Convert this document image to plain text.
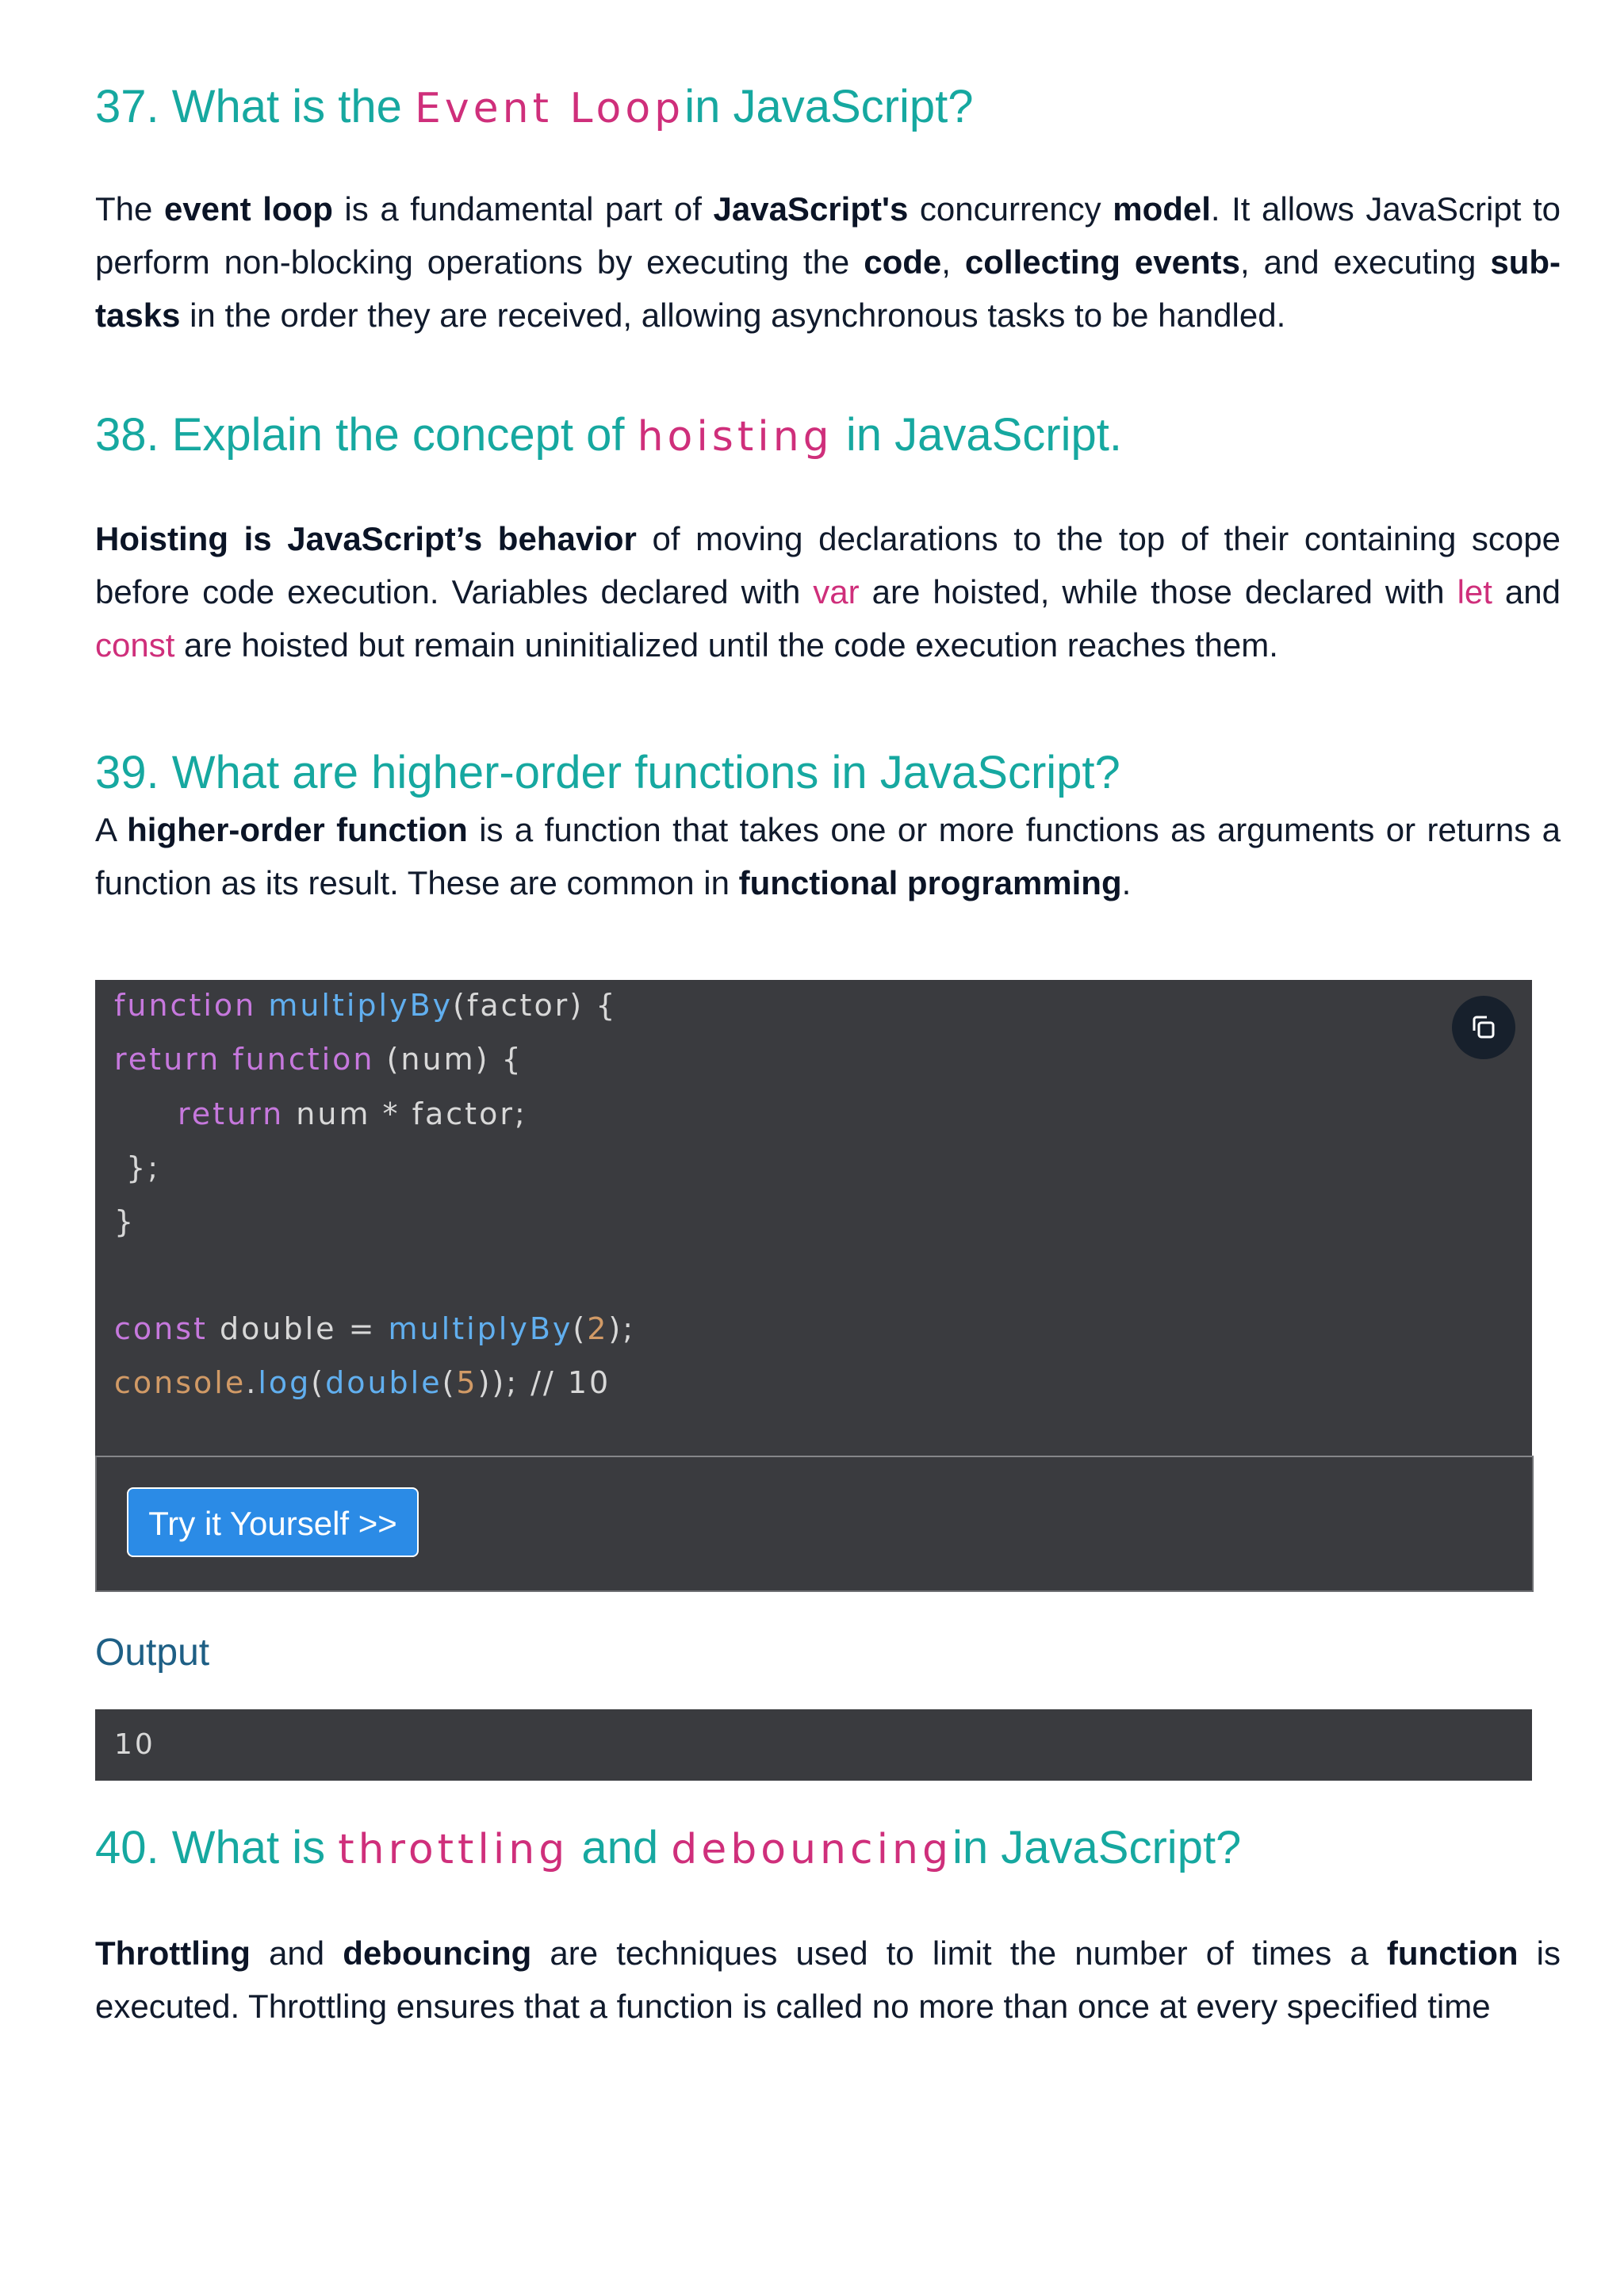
37. What is the Event Loopin JavaScript?

The event loop is a fundamental part of JavaScript's concurrency model. It allows JavaScript to perform non-blocking operations by executing the code, collecting events, and executing sub-tasks in the order they are received, allowing asynchronous tasks to be handled.

38. Explain the concept of hoisting in JavaScript.

Hoisting is JavaScript’s behavior of moving declarations to the top of their containing scope before code execution. Variables declared with var are hoisted, while those declared with let and const are hoisted but remain uninitialized until the code execution reaches them.

39. What are higher-order functions in JavaScript?

A higher-order function is a function that takes one or more functions as arguments or returns a function as its result. These are common in functional programming.

function multiplyBy(factor) {
return function (num) {
return num * factor;
};
}
const double = multiplyBy(2);
console.log(double(5)); // 10
Try it Yourself >>
Output
10
40. What is throttling and debouncingin JavaScript?

Throttling and debouncing are techniques used to limit the number of times a function is executed. Throttling ensures that a function is called no more than once at every specified time
